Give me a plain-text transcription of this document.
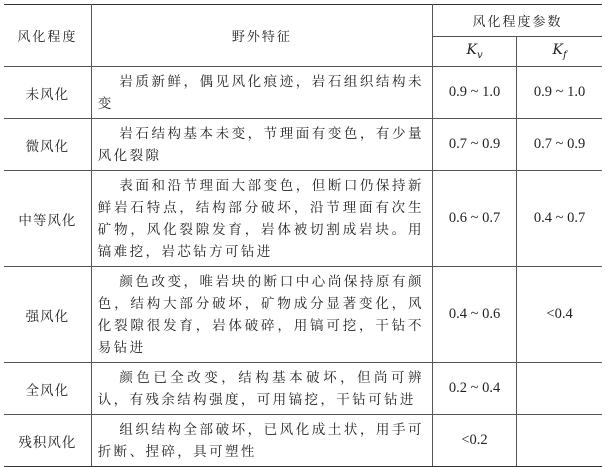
风化程度	野外特征	风化程度参数	
		$K_v$	$K_f$
未风化	岩质新鲜，偶见风化痕迹，岩石组织结构未变	0.9 ~ 1.0	0.9 ~ 1.0
微风化	岩石结构基本未变，节理面有变色，有少量风化裂隙	0.7 ~ 0.9	0.7 ~ 0.9
中等风化	表面和沿节理面大部变色，但断口仍保持新鲜岩石特点，结构部分破坏，沿节理面有次生矿物，风化裂隙发育，岩体被切割成岩块。用镐难挖，岩芯钻方可钻进	0.6 ~ 0.7	0.4 ~ 0.7
强风化	颜色改变，唯岩块的断口中心尚保持原有颜色，结构大部分破坏，矿物成分显著变化，风化裂隙很发育，岩体破碎，用镐可挖，干钻不易钻进	0.4 ~ 0.6	<0.4
全风化	颜色已全改变，结构基本破坏，但尚可辨认，有残余结构强度，可用镐挖，干钻可钻进	0.2 ~ 0.4	
残积风化	组织结构全部破坏，已风化成土状，用手可折断、捏碎，具可塑性	<0.2	
